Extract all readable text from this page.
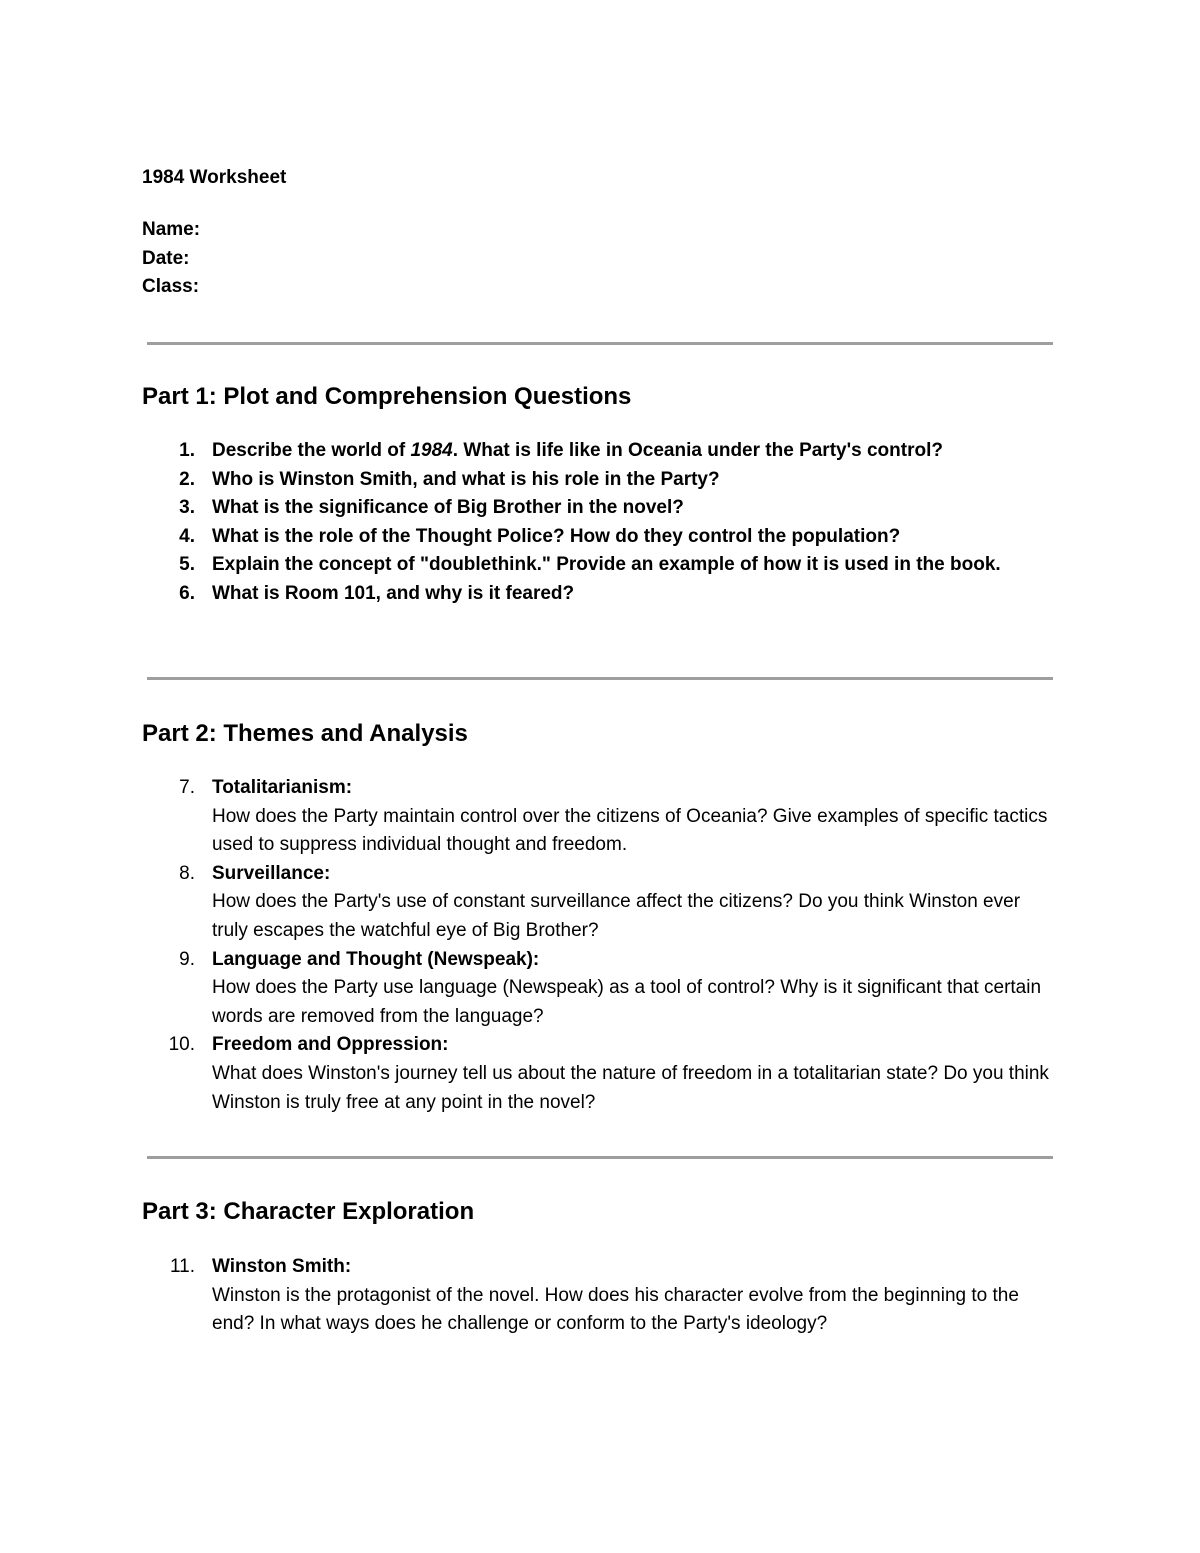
1984 Worksheet
Name:
Date:
Class:
Part 1: Plot and Comprehension Questions
1. Describe the world of 1984. What is life like in Oceania under the Party's control?
2. Who is Winston Smith, and what is his role in the Party?
3. What is the significance of Big Brother in the novel?
4. What is the role of the Thought Police? How do they control the population?
5. Explain the concept of "doublethink." Provide an example of how it is used in the book.
6. What is Room 101, and why is it feared?
Part 2: Themes and Analysis
7. Totalitarianism:
How does the Party maintain control over the citizens of Oceania? Give examples of specific tactics used to suppress individual thought and freedom.
8. Surveillance:
How does the Party's use of constant surveillance affect the citizens? Do you think Winston ever truly escapes the watchful eye of Big Brother?
9. Language and Thought (Newspeak):
How does the Party use language (Newspeak) as a tool of control? Why is it significant that certain words are removed from the language?
10. Freedom and Oppression:
What does Winston's journey tell us about the nature of freedom in a totalitarian state? Do you think Winston is truly free at any point in the novel?
Part 3: Character Exploration
11. Winston Smith:
Winston is the protagonist of the novel. How does his character evolve from the beginning to the end? In what ways does he challenge or conform to the Party's ideology?
